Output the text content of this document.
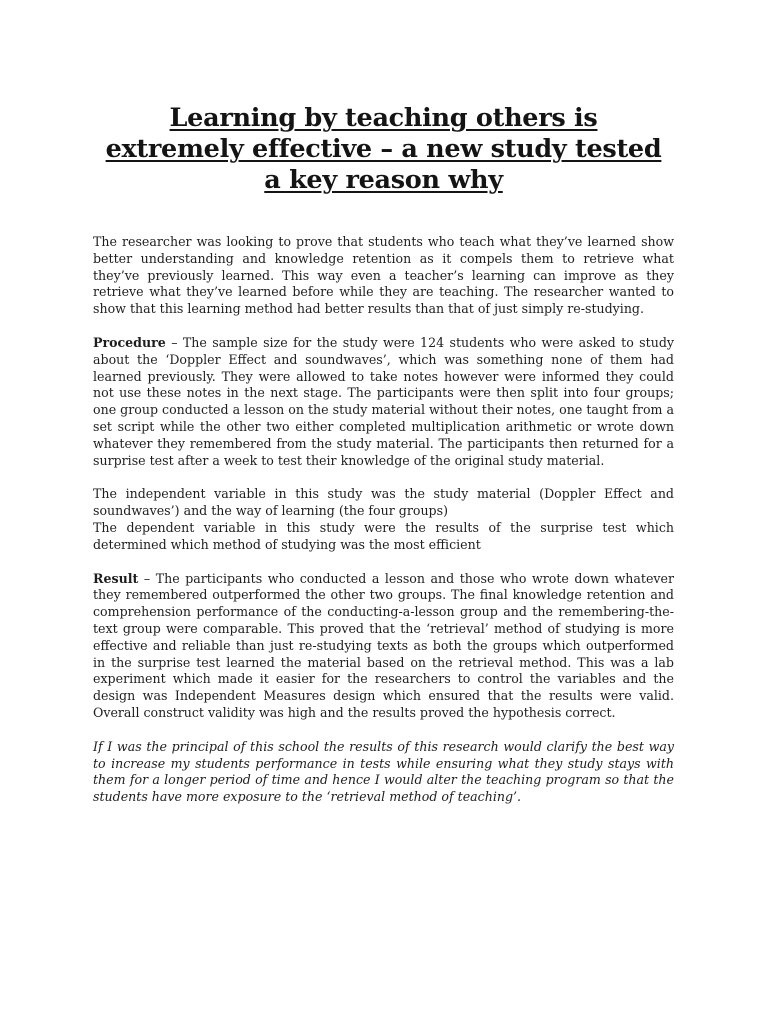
Learning by teaching others is
extremely effective – a new study tested
a key reason why

The researcher was looking to prove that students who teach what they’ve learned show better understanding and knowledge retention as it compels them to retrieve what they’ve previously learned. This way even a teacher’s learning can improve as they retrieve what they’ve learned before while they are teaching. The researcher wanted to show that this learning method had better results than that of just simply re-studying.

Procedure – The sample size for the study were 124 students who were asked to study about the ‘Doppler Effect and soundwaves’, which was something none of them had learned previously. They were allowed to take notes however were informed they could not use these notes in the next stage. The participants were then split into four groups; one group conducted a lesson on the study material without their notes, one taught from a set script while the other two either completed multiplication arithmetic or wrote down whatever they remembered from the study material. The participants then returned for a surprise test after a week to test their knowledge of the original study material.

The independent variable in this study was the study material (Doppler Effect and soundwaves’) and the way of learning (the four groups)

The dependent variable in this study were the results of the surprise test which determined which method of studying was the most efficient

Result – The participants who conducted a lesson and those who wrote down whatever they remembered outperformed the other two groups. The final knowledge retention and comprehension performance of the conducting-a-lesson group and the remembering-the-text group were comparable. This proved that the ‘retrieval’ method of studying is more effective and reliable than just re-studying texts as both the groups which outperformed in the surprise test learned the material based on the retrieval method. This was a lab experiment which made it easier for the researchers to control the variables and the design was Independent Measures design which ensured that the results were valid. Overall construct validity was high and the results proved the hypothesis correct.

If I was the principal of this school the results of this research would clarify the best way to increase my students performance in tests while ensuring what they study stays with them for a longer period of time and hence I would alter the teaching program so that the students have more exposure to the ‘retrieval method of teaching’.
